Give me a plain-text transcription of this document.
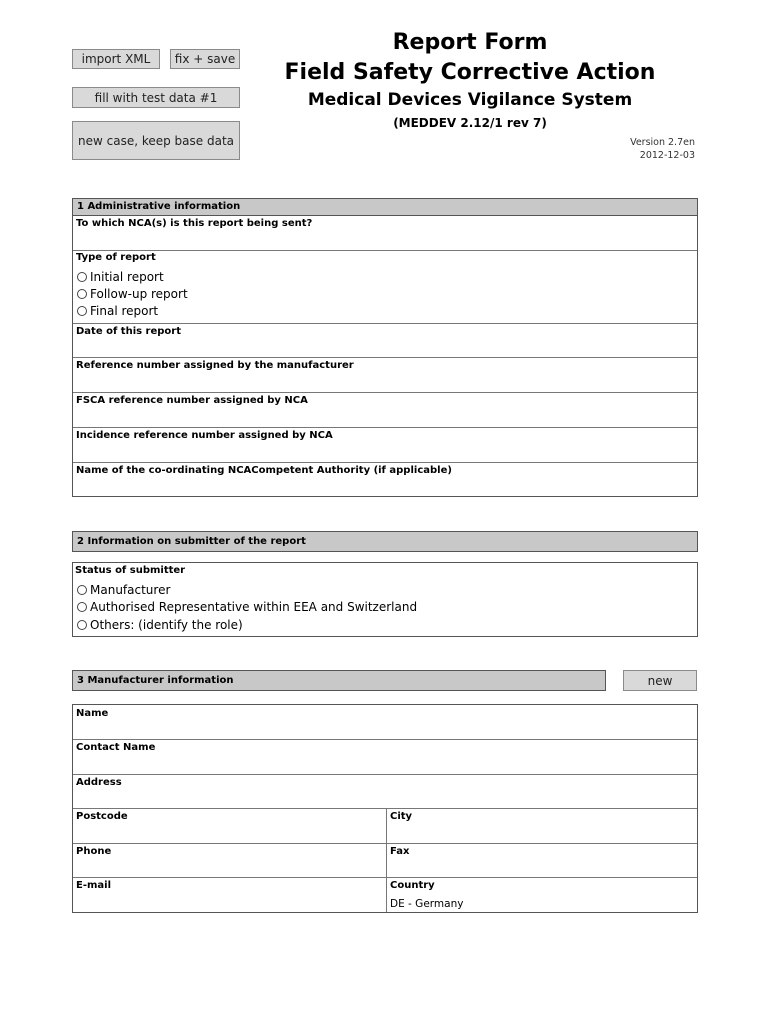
import XML	fix + save
fill with test data #1
new case, keep base data
Report Form
Field Safety Corrective Action
Medical Devices Vigilance System
(MEDDEV 2.12/1 rev 7)
Version 2.7en
2012-12-03
1 Administrative information
To which NCA(s) is this report being sent?
Type of report
Initial report
Follow-up report
Final report
Date of this report
Reference number assigned by the manufacturer
FSCA reference number assigned by NCA
Incidence reference number assigned by NCA
Name of the co-ordinating NCACompetent Authority (if applicable)
2 Information on submitter of the report
Status of submitter
Manufacturer
Authorised Representative within EEA and Switzerland
Others: (identify the role)
3 Manufacturer information	new
Name
Contact Name
Address
Postcode	City
Phone	Fax
E-mail	Country
DE - Germany
